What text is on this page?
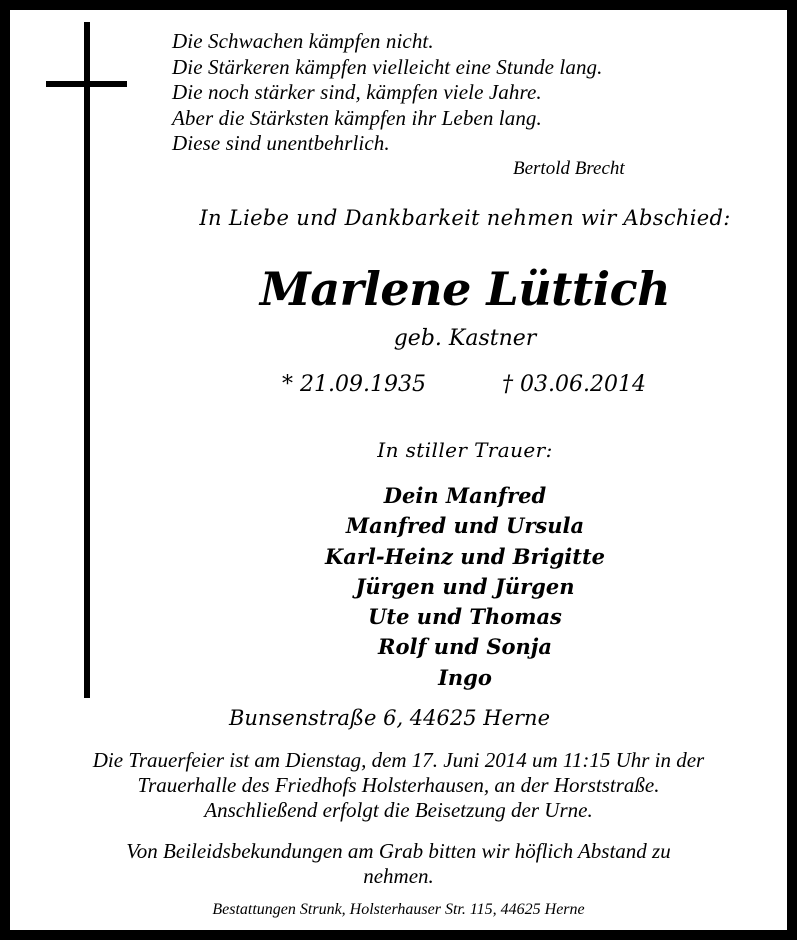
Die Schwachen kämpfen nicht.
Die Stärkeren kämpfen vielleicht eine Stunde lang.
Die noch stärker sind, kämpfen viele Jahre.
Aber die Stärksten kämpfen ihr Leben lang.
Diese sind unentbehrlich.
Bertold Brecht
In Liebe und Dankbarkeit nehmen wir Abschied:
Marlene Lüttich
geb. Kastner
* 21.09.1935	† 03.06.2014
In stiller Trauer:
Dein Manfred
Manfred und Ursula
Karl-Heinz und Brigitte
Jürgen und Jürgen
Ute und Thomas
Rolf und Sonja
Ingo
Bunsenstraße 6, 44625 Herne
Die Trauerfeier ist am Dienstag, dem 17. Juni 2014 um 11:15 Uhr in der
Trauerhalle des Friedhofs Holsterhausen, an der Horststraße.
Anschließend erfolgt die Beisetzung der Urne.
Von Beileidsbekundungen am Grab bitten wir höflich Abstand zu
nehmen.
Bestattungen Strunk, Holsterhauser Str. 115, 44625 Herne
